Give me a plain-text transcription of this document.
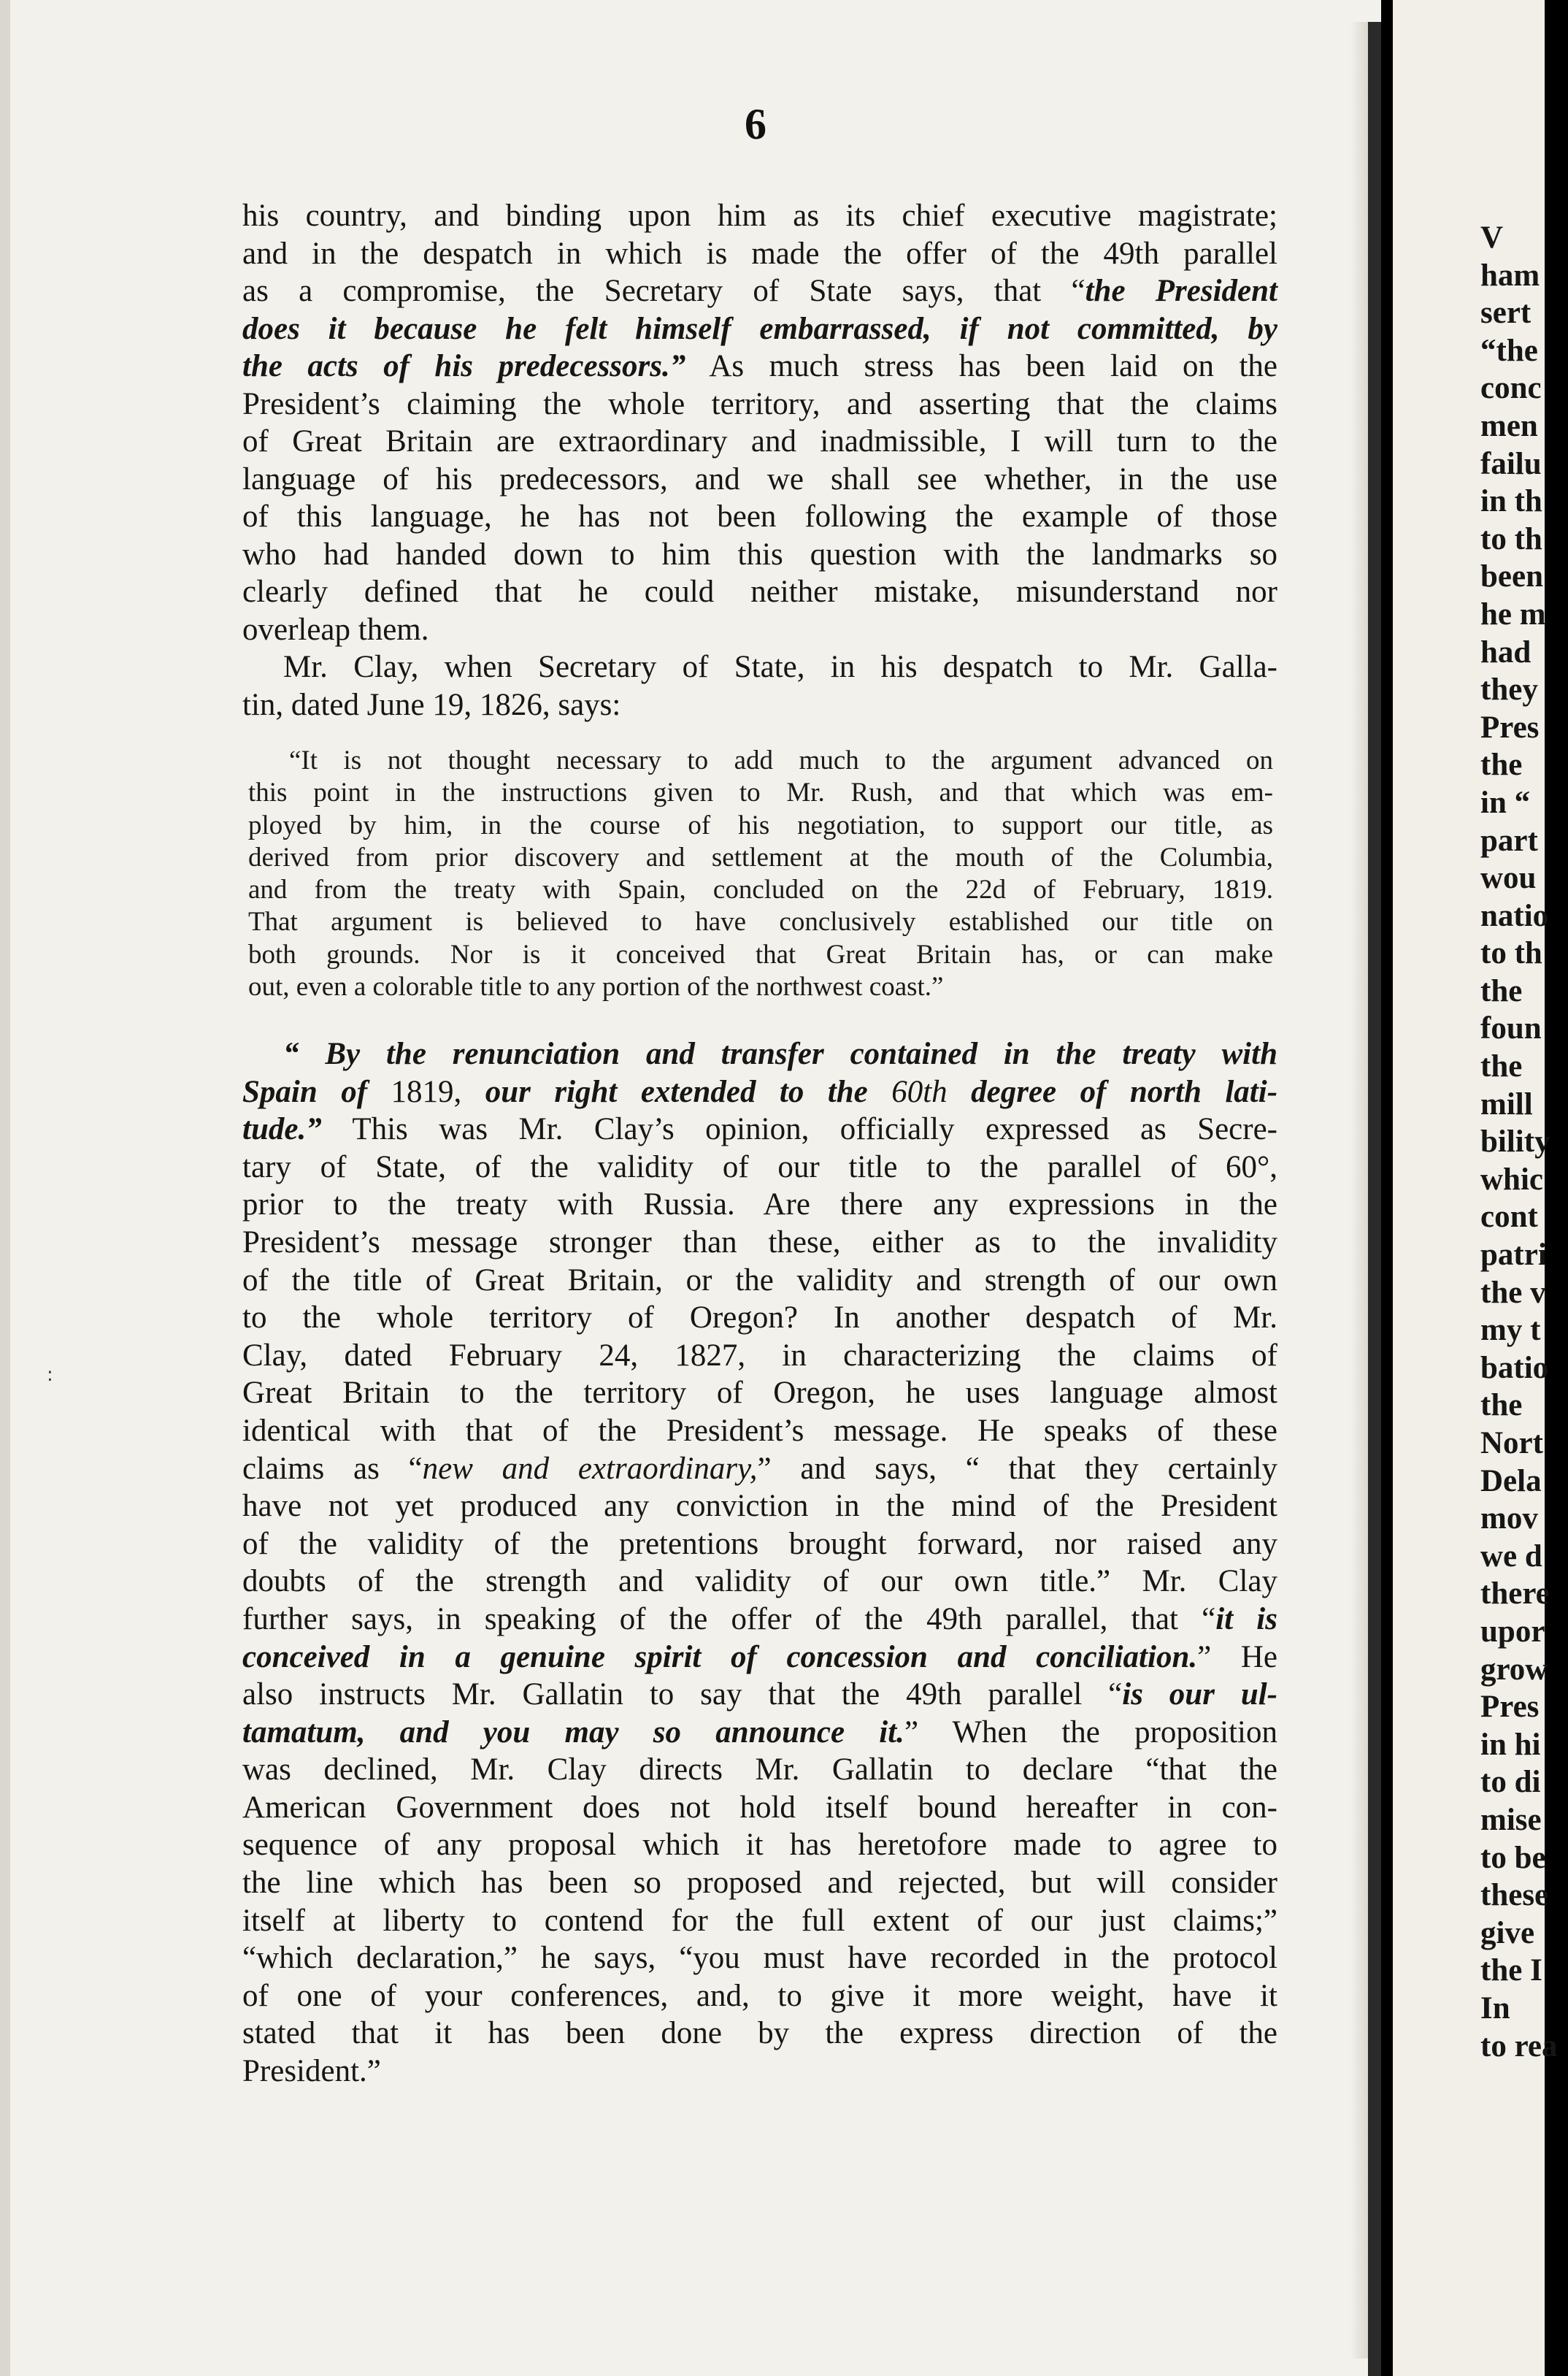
:
6
his country, and binding upon him as its chief executive magistrate;
and in the despatch in which is made the offer of the 49th parallel
as a compromise, the Secretary of State says, that “the President
does it because he felt himself embarrassed, if not committed, by
the acts of his predecessors.” As much stress has been laid on the
President’s claiming the whole territory, and asserting that the claims
of Great Britain are extraordinary and inadmissible, I will turn to the
language of his predecessors, and we shall see whether, in the use
of this language, he has not been following the example of those
who had handed down to him this question with the landmarks so
clearly defined that he could neither mistake, misunderstand nor
overleap them.
Mr. Clay, when Secretary of State, in his despatch to Mr. Galla-
tin, dated June 19, 1826, says:
“It is not thought necessary to add much to the argument advanced on
this point in the instructions given to Mr. Rush, and that which was em-
ployed by him, in the course of his negotiation, to support our title, as
derived from prior discovery and settlement at the mouth of the Columbia,
and from the treaty with Spain, concluded on the 22d of February, 1819.
That argument is believed to have conclusively established our title on
both grounds. Nor is it conceived that Great Britain has, or can make
out, even a colorable title to any portion of the northwest coast.”
“ By the renunciation and transfer contained in the treaty with
Spain of 1819, our right extended to the 60th degree of north lati-
tude.” This was Mr. Clay’s opinion, officially expressed as Secre-
tary of State, of the validity of our title to the parallel of 60°,
prior to the treaty with Russia. Are there any expressions in the
President’s message stronger than these, either as to the invalidity
of the title of Great Britain, or the validity and strength of our own
to the whole territory of Oregon? In another despatch of Mr.
Clay, dated February 24, 1827, in characterizing the claims of
Great Britain to the territory of Oregon, he uses language almost
identical with that of the President’s message. He speaks of these
claims as “new and extraordinary,” and says, “ that they certainly
have not yet produced any conviction in the mind of the President
of the validity of the pretentions brought forward, nor raised any
doubts of the strength and validity of our own title.” Mr. Clay
further says, in speaking of the offer of the 49th parallel, that “it is
conceived in a genuine spirit of concession and conciliation.” He
also instructs Mr. Gallatin to say that the 49th parallel “is our ul-
tamatum, and you may so announce it.” When the proposition
was declined, Mr. Clay directs Mr. Gallatin to declare “that the
American Government does not hold itself bound hereafter in con-
sequence of any proposal which it has heretofore made to agree to
the line which has been so proposed and rejected, but will consider
itself at liberty to contend for the full extent of our just claims;”
“which declaration,” he says, “you must have recorded in the protocol
of one of your conferences, and, to give it more weight, have it
stated that it has been done by the express direction of the
President.”
V
ham
sert
“the
conc
men
failu
in th
to th
been
he m
had
they
Pres
the
in “
part
wou
natio
to th
the
foun
the
mill
bility
whic
cont
patri
the v
my t
batio
the
Nort
Dela
mov
we d
there
upor
grow
Pres
in hi
to di
mise
to be
these
give
the I
In
to rea
